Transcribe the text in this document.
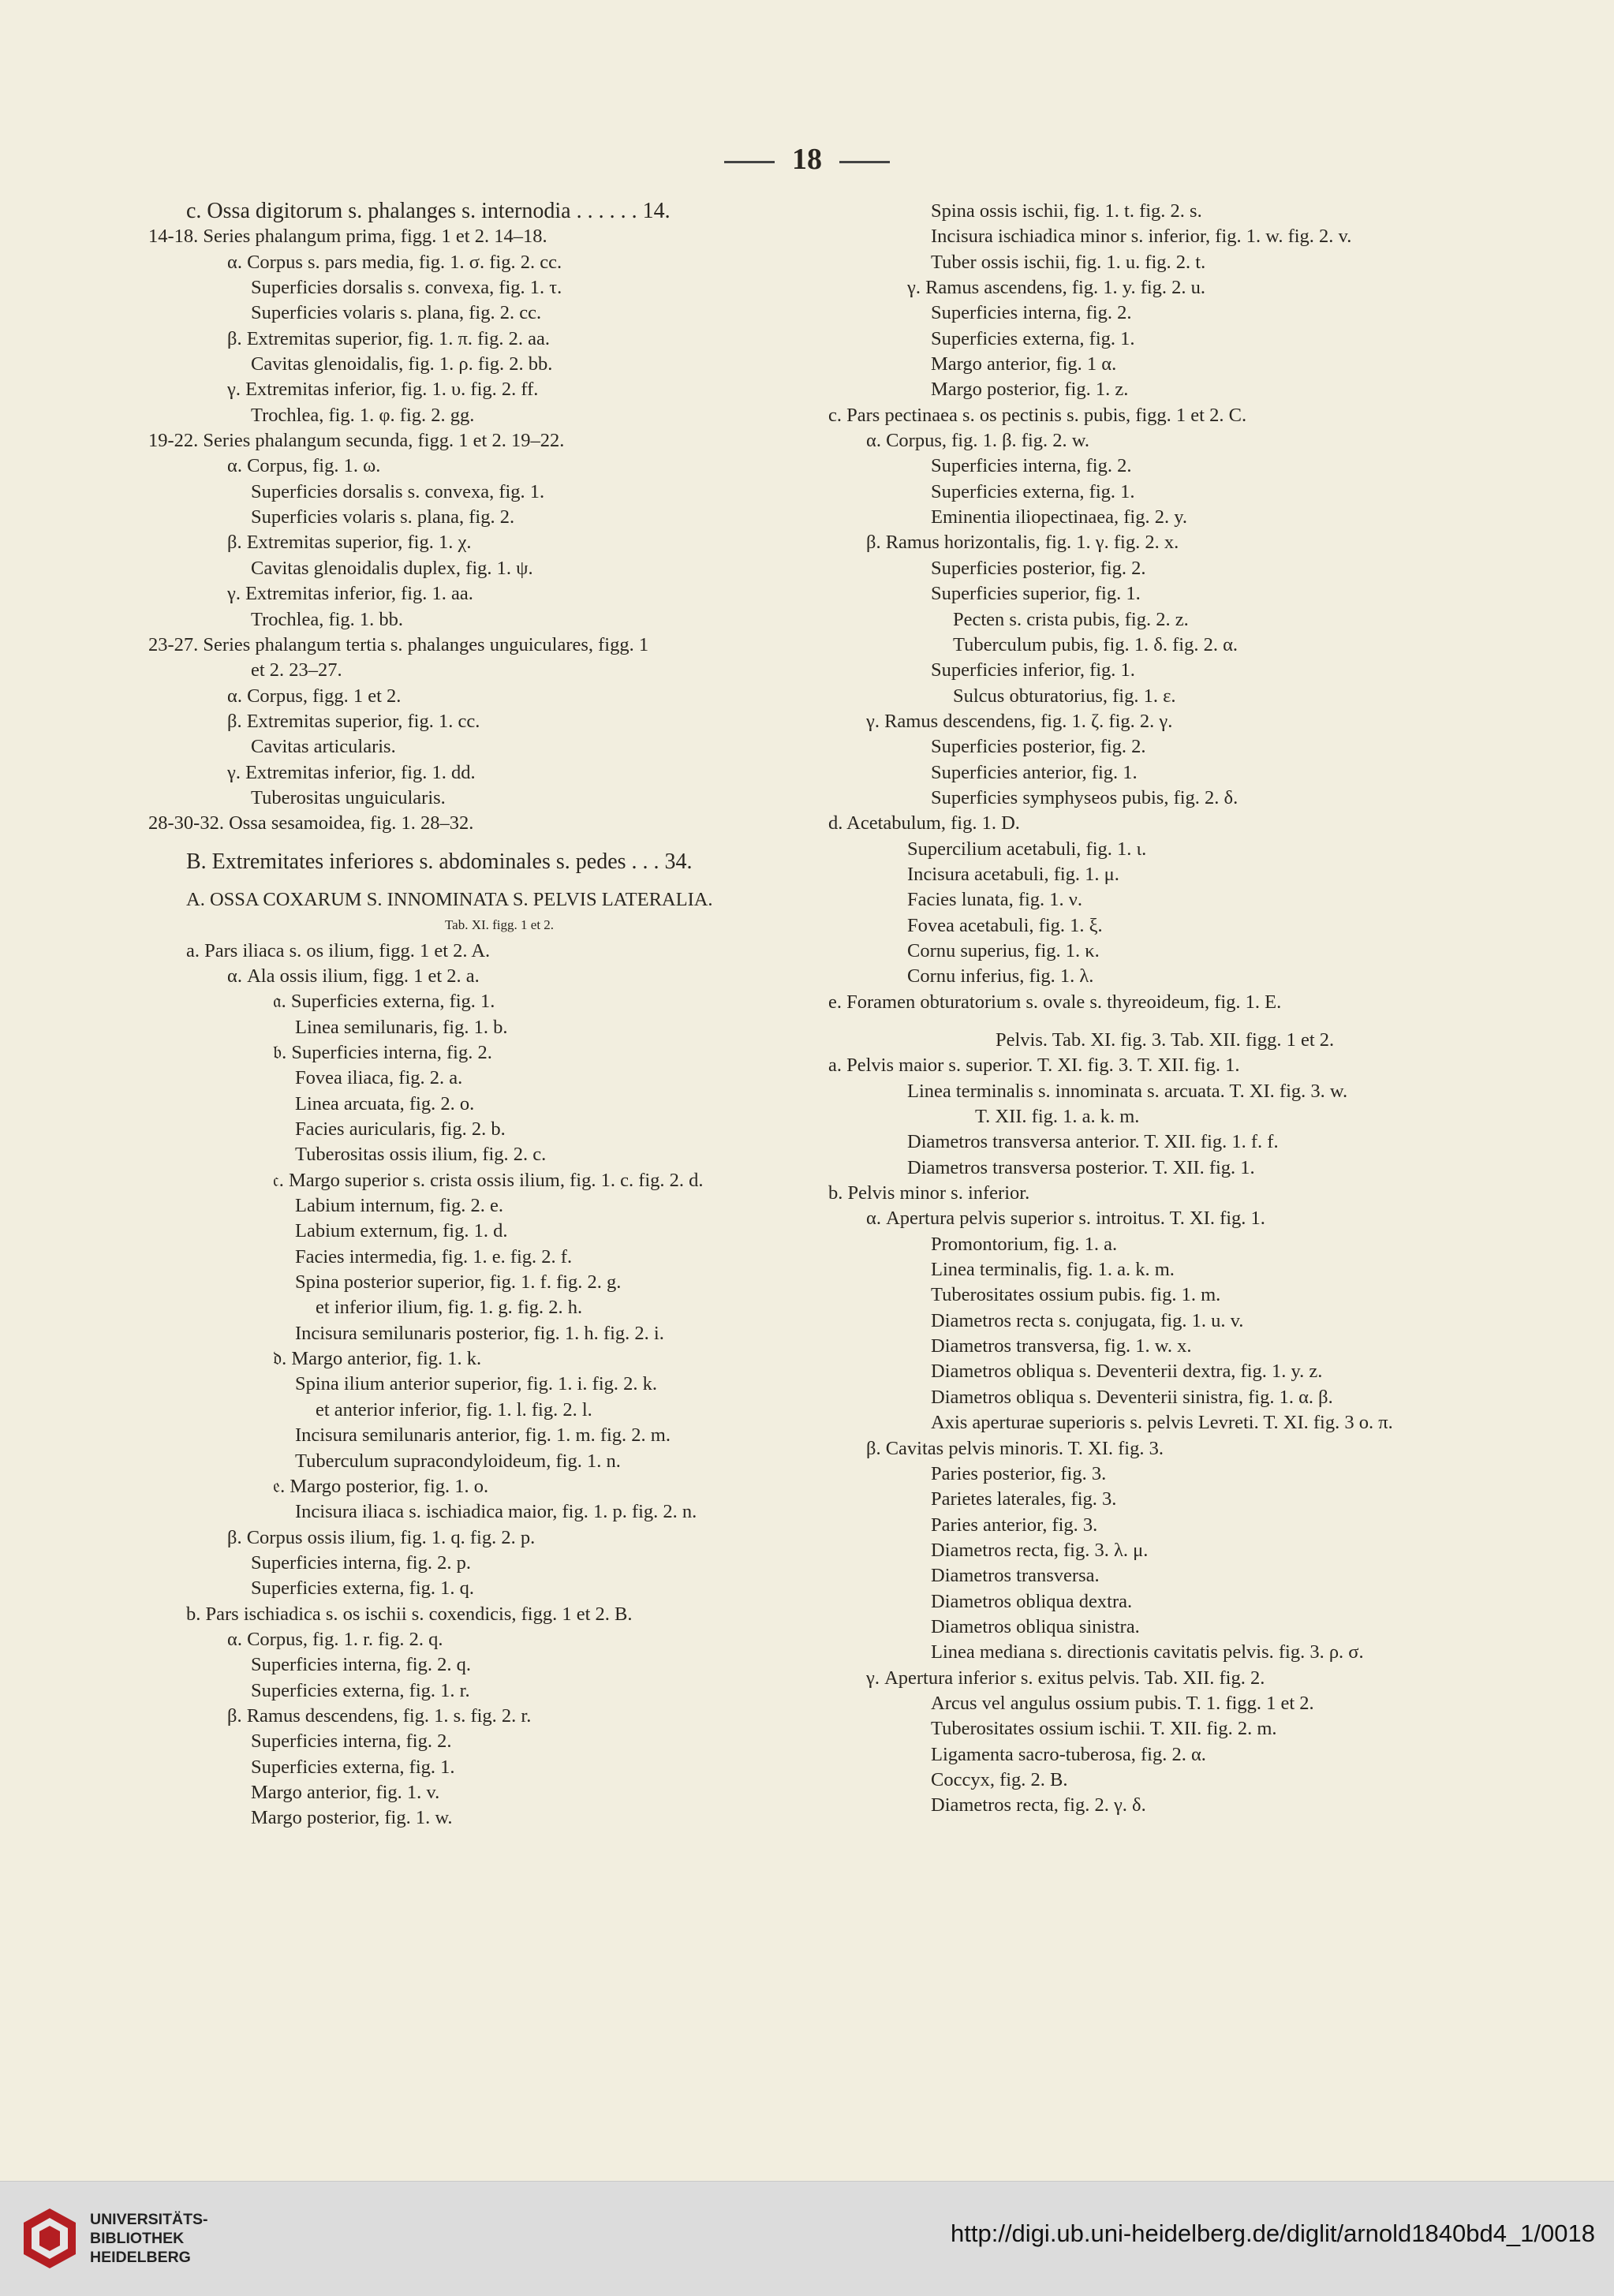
18
c. Ossa digitorum s. phalanges s. internodia . . . . . . 14.
14-18. Series phalangum prima, figg. 1 et 2. 14–18.
α. Corpus s. pars media, fig. 1. σ. fig. 2. cc.
Superficies dorsalis s. convexa, fig. 1. τ.
Superficies volaris s. plana, fig. 2. cc.
β. Extremitas superior, fig. 1. π. fig. 2. aa.
Cavitas glenoidalis, fig. 1. ρ. fig. 2. bb.
γ. Extremitas inferior, fig. 1. υ. fig. 2. ff.
Trochlea, fig. 1. φ. fig. 2. gg.
19-22. Series phalangum secunda, figg. 1 et 2. 19–22.
α. Corpus, fig. 1. ω.
Superficies dorsalis s. convexa, fig. 1.
Superficies volaris s. plana, fig. 2.
β. Extremitas superior, fig. 1. χ.
Cavitas glenoidalis duplex, fig. 1. ψ.
γ. Extremitas inferior, fig. 1. aa.
Trochlea, fig. 1. bb.
23-27. Series phalangum tertia s. phalanges unguiculares, figg. 1
et 2. 23–27.
α. Corpus, figg. 1 et 2.
β. Extremitas superior, fig. 1. cc.
Cavitas articularis.
γ. Extremitas inferior, fig. 1. dd.
Tuberositas unguicularis.
28-30-32. Ossa sesamoidea, fig. 1. 28–32.
B. Extremitates inferiores s. abdominales s. pedes . . . 34.
A. OSSA COXARUM S. INNOMINATA S. PELVIS LATERALIA.
Tab. XI. figg. 1 et 2.
a. Pars iliaca s. os ilium, figg. 1 et 2. A.
α. Ala ossis ilium, figg. 1 et 2. a.
𝔞. Superficies externa, fig. 1.
Linea semilunaris, fig. 1. b.
𝔟. Superficies interna, fig. 2.
Fovea iliaca, fig. 2. a.
Linea arcuata, fig. 2. o.
Facies auricularis, fig. 2. b.
Tuberositas ossis ilium, fig. 2. c.
𝔠. Margo superior s. crista ossis ilium, fig. 1. c. fig. 2. d.
Labium internum, fig. 2. e.
Labium externum, fig. 1. d.
Facies intermedia, fig. 1. e. fig. 2. f.
Spina posterior superior, fig. 1. f. fig. 2. g.
et inferior ilium, fig. 1. g. fig. 2. h.
Incisura semilunaris posterior, fig. 1. h. fig. 2. i.
𝔡. Margo anterior, fig. 1. k.
Spina ilium anterior superior, fig. 1. i. fig. 2. k.
et anterior inferior, fig. 1. l. fig. 2. l.
Incisura semilunaris anterior, fig. 1. m. fig. 2. m.
Tuberculum supracondyloideum, fig. 1. n.
𝔢. Margo posterior, fig. 1. o.
Incisura iliaca s. ischiadica maior, fig. 1. p. fig. 2. n.
β. Corpus ossis ilium, fig. 1. q. fig. 2. p.
Superficies interna, fig. 2. p.
Superficies externa, fig. 1. q.
b. Pars ischiadica s. os ischii s. coxendicis, figg. 1 et 2. B.
α. Corpus, fig. 1. r. fig. 2. q.
Superficies interna, fig. 2. q.
Superficies externa, fig. 1. r.
β. Ramus descendens, fig. 1. s. fig. 2. r.
Superficies interna, fig. 2.
Superficies externa, fig. 1.
Margo anterior, fig. 1. v.
Margo posterior, fig. 1. w.
Spina ossis ischii, fig. 1. t. fig. 2. s.
Incisura ischiadica minor s. inferior, fig. 1. w. fig. 2. v.
Tuber ossis ischii, fig. 1. u. fig. 2. t.
γ. Ramus ascendens, fig. 1. y. fig. 2. u.
Superficies interna, fig. 2.
Superficies externa, fig. 1.
Margo anterior, fig. 1 α.
Margo posterior, fig. 1. z.
c. Pars pectinaea s. os pectinis s. pubis, figg. 1 et 2. C.
α. Corpus, fig. 1. β. fig. 2. w.
Superficies interna, fig. 2.
Superficies externa, fig. 1.
Eminentia iliopectinaea, fig. 2. y.
β. Ramus horizontalis, fig. 1. γ. fig. 2. x.
Superficies posterior, fig. 2.
Superficies superior, fig. 1.
Pecten s. crista pubis, fig. 2. z.
Tuberculum pubis, fig. 1. δ. fig. 2. α.
Superficies inferior, fig. 1.
Sulcus obturatorius, fig. 1. ε.
γ. Ramus descendens, fig. 1. ζ. fig. 2. γ.
Superficies posterior, fig. 2.
Superficies anterior, fig. 1.
Superficies symphyseos pubis, fig. 2. δ.
d. Acetabulum, fig. 1. D.
Supercilium acetabuli, fig. 1. ι.
Incisura acetabuli, fig. 1. μ.
Facies lunata, fig. 1. ν.
Fovea acetabuli, fig. 1. ξ.
Cornu superius, fig. 1. κ.
Cornu inferius, fig. 1. λ.
e. Foramen obturatorium s. ovale s. thyreoideum, fig. 1. E.
Pelvis. Tab. XI. fig. 3. Tab. XII. figg. 1 et 2.
a. Pelvis maior s. superior. T. XI. fig. 3. T. XII. fig. 1.
Linea terminalis s. innominata s. arcuata. T. XI. fig. 3. w.
T. XII. fig. 1. a. k. m.
Diametros transversa anterior. T. XII. fig. 1. f. f.
Diametros transversa posterior. T. XII. fig. 1.
b. Pelvis minor s. inferior.
α. Apertura pelvis superior s. introitus. T. XI. fig. 1.
Promontorium, fig. 1. a.
Linea terminalis, fig. 1. a. k. m.
Tuberositates ossium pubis. fig. 1. m.
Diametros recta s. conjugata, fig. 1. u. v.
Diametros transversa, fig. 1. w. x.
Diametros obliqua s. Deventerii dextra, fig. 1. y. z.
Diametros obliqua s. Deventerii sinistra, fig. 1. α. β.
Axis aperturae superioris s. pelvis Levreti. T. XI. fig. 3 o. π.
β. Cavitas pelvis minoris. T. XI. fig. 3.
Paries posterior, fig. 3.
Parietes laterales, fig. 3.
Paries anterior, fig. 3.
Diametros recta, fig. 3. λ. μ.
Diametros transversa.
Diametros obliqua dextra.
Diametros obliqua sinistra.
Linea mediana s. directionis cavitatis pelvis. fig. 3. ρ. σ.
γ. Apertura inferior s. exitus pelvis. Tab. XII. fig. 2.
Arcus vel angulus ossium pubis. T. 1. figg. 1 et 2.
Tuberositates ossium ischii. T. XII. fig. 2. m.
Ligamenta sacro-tuberosa, fig. 2. α.
Coccyx, fig. 2. B.
Diametros recta, fig. 2. γ. δ.
UNIVERSITÄTS-
BIBLIOTHEK
HEIDELBERG
http://digi.ub.uni-heidelberg.de/diglit/arnold1840bd4_1/0018
